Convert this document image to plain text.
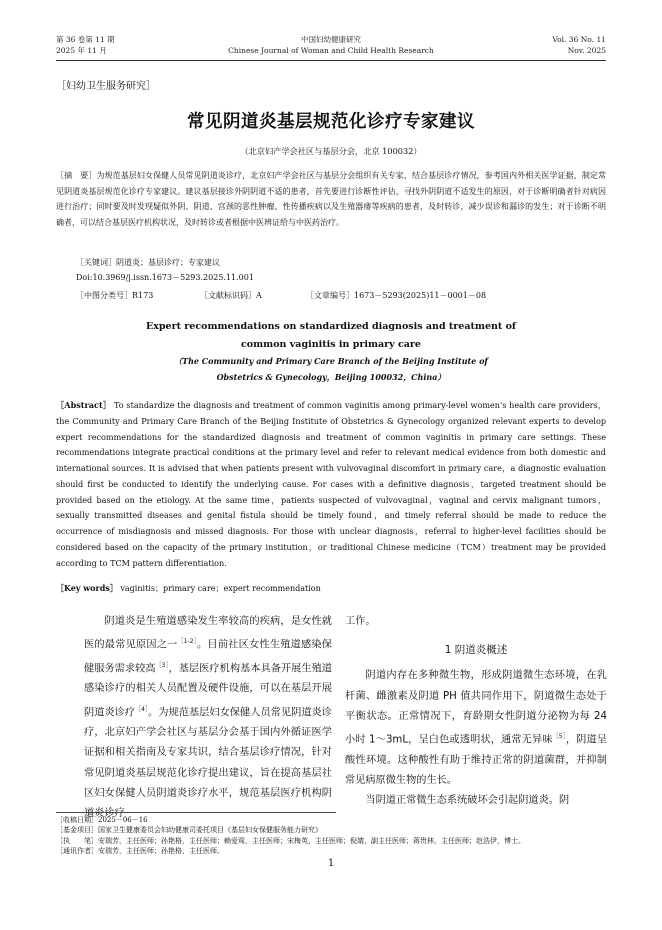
第 36 卷第 11 期
2025 年 11 月
中国妇幼健康研究
Chinese Journal of Woman and Child Health Research
Vol. 36 No. 11
Nov. 2025
［妇幼卫生服务研究］
常见阴道炎基层规范化诊疗专家建议
（北京妇产学会社区与基层分会，北京 100032）
［摘　要］为规范基层妇女保健人员常见阴道炎诊疗，北京妇产学会社区与基层分会组织有关专家，结合基层诊疗情况，参考国内外相关医学证据，制定常见阴道炎基层规范化诊疗专家建议。建议基层接诊外阴阴道不适的患者，首先要进行诊断性评估，寻找外阴阴道不适发生的原因，对于诊断明确者针对病因进行治疗；同时要及时发现疑似外阴、阴道、宫颈的恶性肿瘤、性传播疾病以及生殖器瘘等疾病的患者，及时转诊，减少误诊和漏诊的发生；对于诊断不明确者，可以结合基层医疗机构状况，及时转诊或者根据中医辨证给与中医药治疗。
［关键词］阴道炎；基层诊疗；专家建议
Doi:10.3969/j.issn.1673－5293.2025.11.001
［中图分类号］R173	［文献标识码］A	［文章编号］1673－5293(2025)11－0001－08
Expert recommendations on standardized diagnosis and treatment of
common vaginitis in primary care
（The Community and Primary Care Branch of the Beijing Institute of
Obstetrics & Gynecology，Beijing 100032，China）
［Abstract］ To standardize the diagnosis and treatment of common vaginitis among primary-level women's health care providers，the Community and Primary Care Branch of the Beijing Institute of Obstetrics & Gynecology organized relevant experts to develop expert recommendations for the standardized diagnosis and treatment of common vaginitis in primary care settings. These recommendations integrate practical conditions at the primary level and refer to relevant medical evidence from both domestic and international sources. It is advised that when patients present with vulvovaginal discomfort in primary care，a diagnostic evaluation should first be conducted to identify the underlying cause. For cases with a definitive diagnosis，targeted treatment should be provided based on the etiology. At the same time，patients suspected of vulvovaginal，vaginal and cervix malignant tumors，sexually transmitted diseases and genital fistula should be timely found，and timely referral should be made to reduce the occurrence of misdiagnosis and missed diagnosis. For those with unclear diagnosis，referral to higher-level facilities should be considered based on the capacity of the primary institution，or traditional Chinese medicine（TCM）treatment may be provided according to TCM pattern differentiation.
［Key words］ vaginitis；primary care；expert recommendation

阴道炎是生殖道感染发生率较高的疾病，是女性就医的最常见原因之一$^{[1-2]}$。目前社区女性生殖道感染保健服务需求较高$^{[3]}$，基层医疗机构基本具备开展生殖道感染诊疗的相关人员配置及硬件设施，可以在基层开展阴道炎诊疗$^{[4]}$。为规范基层妇女保健人员常见阴道炎诊疗，北京妇产学会社区与基层分会基于国内外循证医学证据和相关指南及专家共识，结合基层诊疗情况，针对常见阴道炎基层规范化诊疗提出建议，旨在提高基层社区妇女保健人员阴道炎诊疗水平，规范基层医疗机构阴道炎诊疗

工作。

1 阴道炎概述

阴道内存在多种微生物，形成阴道微生态环境，在乳杆菌、雌激素及阴道 PH 值共同作用下，阴道微生态处于平衡状态。正常情况下，育龄期女性阴道分泌物为每 24 小时 1～3mL，呈白色或透明状，通常无异味$^{[5]}$，阴道呈酸性环境。这种酸性有助于维持正常的阴道菌群，并抑制常见病原微生物的生长。

当阴道正常微生态系统破坏会引起阴道炎。阴

［收稿日期］2025－06－16
［基金项目］国家卫生健康委员会妇幼健康司委托项目《基层妇女保健服务能力研究》
［执　　笔］安瑞芳，主任医师；孙艳格，主任医师；赖爱鸾，主任医师；宋梅英，主任医师；倪婧，副主任医师；蒋贵林，主任医师；赵浩伊，博士。
［通讯作者］安瑞芳，主任医师；孙艳格，主任医师。
1
